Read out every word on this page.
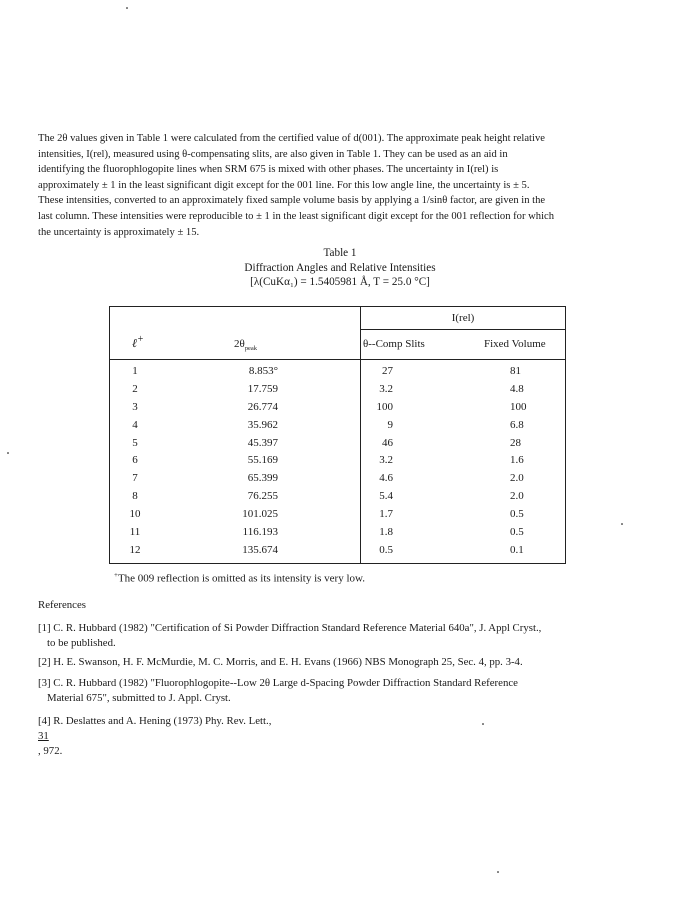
The 2θ values given in Table 1 were calculated from the certified value of d(001). The approximate peak height relative
intensities, I(rel), measured using θ-compensating slits, are also given in Table 1. They can be used as an aid in
identifying the fluorophlogopite lines when SRM 675 is mixed with other phases. The uncertainty in I(rel) is
approximately ± 1 in the least significant digit except for the 001 line. For this low angle line, the uncertainty is ± 5.
These intensities, converted to an approximately fixed sample volume basis by applying a 1/sinθ factor, are given in the
last column. These intensities were reproducible to ± 1 in the least significant digit except for the 001 reflection for which
the uncertainty is approximately ± 15.

Table 1
Diffraction Angles and Relative Intensities
[λ(CuKα₁) = 1.5405981 Å, T = 25.0 °C]
I(rel)
ℓ+	$2\theta_{peak}$	θ--Comp Slits	Fixed Volume
1	8.853°	27	81
2	17.759	3.2	4.8
3	26.774	100	100
4	35.962	9	6.8
5	45.397	46	28
6	55.169	3.2	1.6
7	65.399	4.6	2.0
8	76.255	5.4	2.0
10	101.025	1.7	0.5
11	116.193	1.8	0.5
12	135.674	0.5	0.1
+The 009 reflection is omitted as its intensity is very low.
References
[1] C. R. Hubbard (1982) "Certification of Si Powder Diffraction Standard Reference Material 640a", J. Appl Cryst.,
to be published.
[2] H. E. Swanson, H. F. McMurdie, M. C. Morris, and E. H. Evans (1966) NBS Monograph 25, Sec. 4, pp. 3-4.
[3] C. R. Hubbard (1982) "Fluorophlogopite--Low 2θ Large d-Spacing Powder Diffraction Standard Reference
Material 675", submitted to J. Appl. Cryst.
[4] R. Deslattes and A. Hening (1973) Phy. Rev. Lett.,
31
, 972.
